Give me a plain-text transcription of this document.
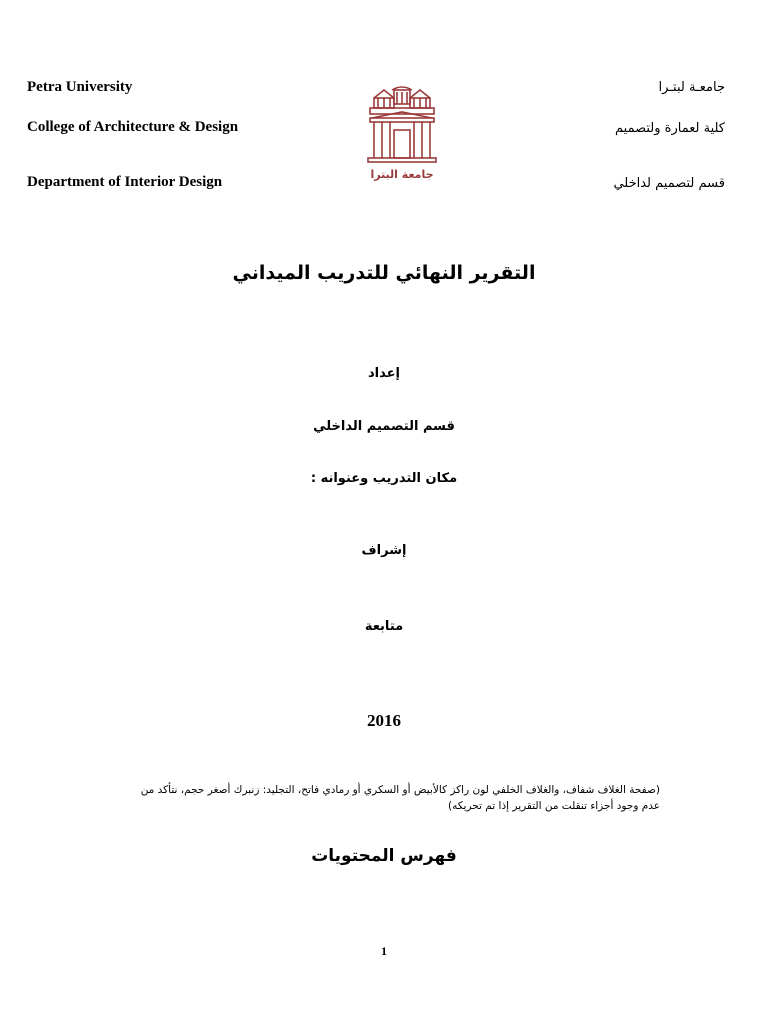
Petra University
College of Architecture & Design
Department of Interior Design
جامعـة لبتـرا
كلية لعمارة ولتصميم
قسم لتصميم لداخلي
جامعة البترا
التقرير النهائي للتدريب الميداني
إعداد
قسم التصميم الداخلي
مكان التدريب وعنوانه :
إشراف
متابعة
2016
(صفحة الغلاف شفاف، والغلاف الخلفي لون راكز كالأبيض أو السكري أو رمادي فاتح، التجليد: زنبرك أصغر حجم، نتأكد من
عدم وجود أجزاء تنقلت من التقرير إذا تم تحريكه)
فهرس المحتويات
1
